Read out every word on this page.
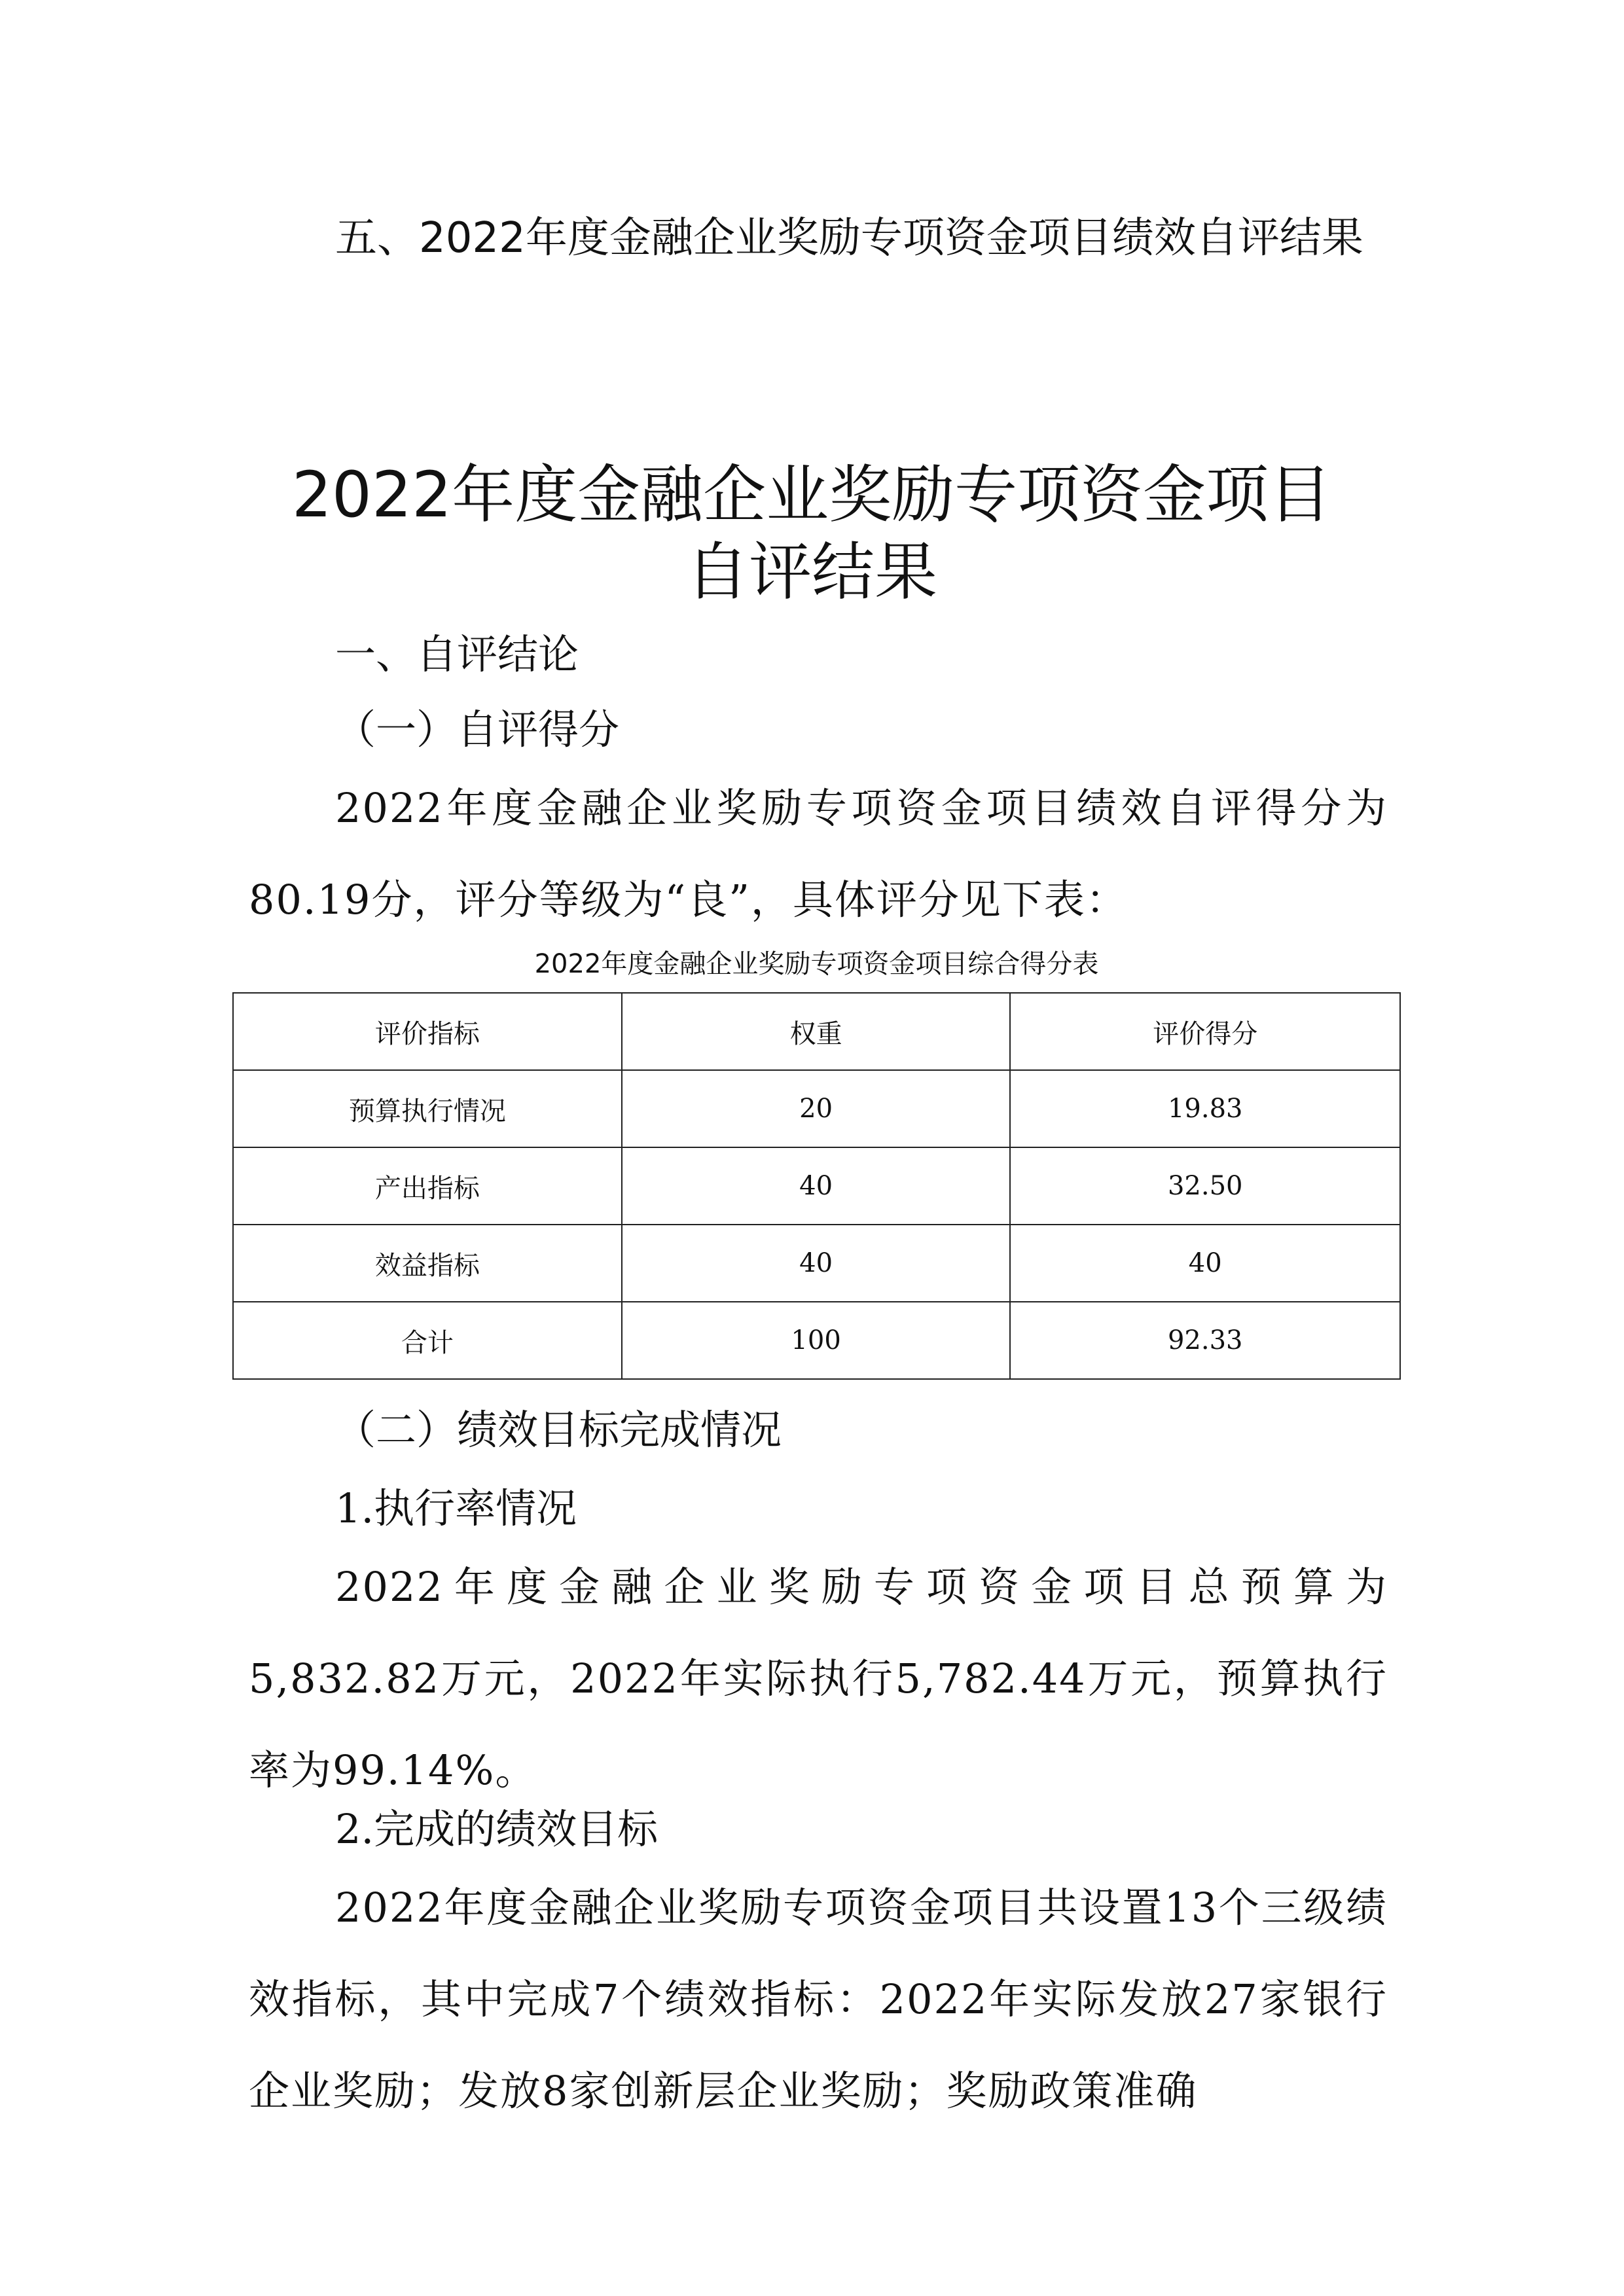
五、2022年度金融企业奖励专项资金项目绩效自评结果

2022年度金融企业奖励专项资金项目
自评结果
一、自评结论
（一）自评得分

2022年度金融企业奖励专项资金项目绩效自评得分为80.19分，评分等级为“良”，具体评分见下表：

2022年度金融企业奖励专项资金项目综合得分表

评价指标	权重	评价得分
预算执行情况	20	19.83
产出指标	40	32.50
效益指标	40	40
合计	100	92.33
（二）绩效目标完成情况
1.执行率情况

2022年度金融企业奖励专项资金项目总预算为5,832.82万元，2022年实际执行5,782.44万元，预算执行率为99.14%。

2.完成的绩效目标

2022年度金融企业奖励专项资金项目共设置13个三级绩效指标，其中完成7个绩效指标：2022年实际发放27家银行企业奖励；发放8家创新层企业奖励；奖励政策准确
